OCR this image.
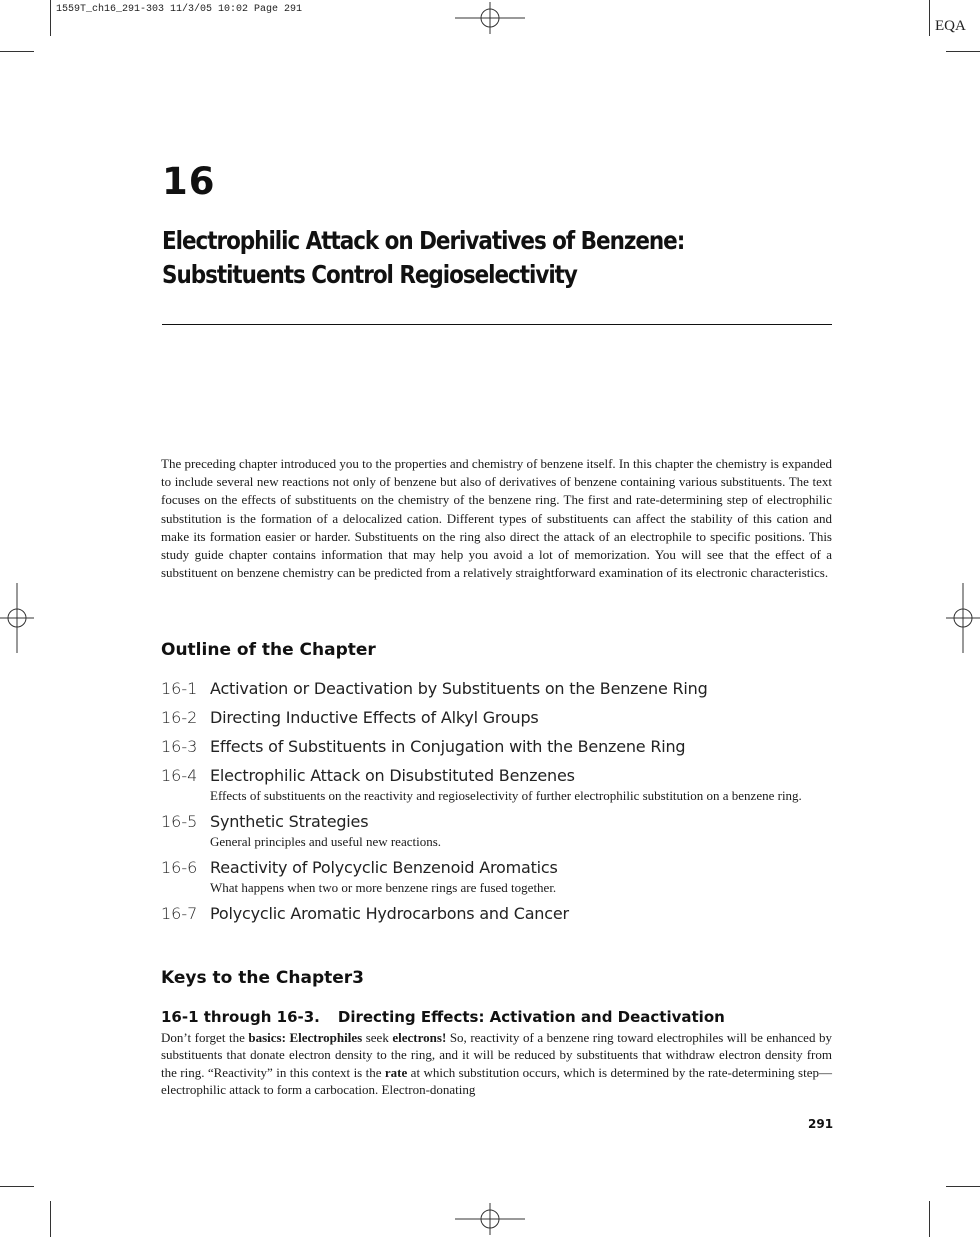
1559T_ch16_291-303 11/3/05 10:02 Page 291
EQA
16
Electrophilic Attack on Derivatives of Benzene:
Substituents Control Regioselectivity
The preceding chapter introduced you to the properties and chemistry of benzene itself. In this chapter the chemistry is expanded to include several new reactions not only of benzene but also of derivatives of benzene containing various substituents. The text focuses on the effects of substituents on the chemistry of the benzene ring. The first and rate-determining step of electrophilic substitution is the formation of a delocalized cation. Different types of substituents can affect the stability of this cation and make its formation easier or harder. Substituents on the ring also direct the attack of an electrophile to specific positions. This study guide chapter contains information that may help you avoid a lot of memorization. You will see that the effect of a substituent on benzene chemistry can be predicted from a relatively straightforward examination of its electronic characteristics.
Outline of the Chapter
16-1 Activation or Deactivation by Substituents on the Benzene Ring
16-2 Directing Inductive Effects of Alkyl Groups
16-3 Effects of Substituents in Conjugation with the Benzene Ring
16-4 Electrophilic Attack on Disubstituted Benzenes
Effects of substituents on the reactivity and regioselectivity of further electrophilic substitution on a benzene ring.
16-5 Synthetic Strategies
General principles and useful new reactions.
16-6 Reactivity of Polycyclic Benzenoid Aromatics
What happens when two or more benzene rings are fused together.
16-7 Polycyclic Aromatic Hydrocarbons and Cancer
Keys to the Chapter3
16-1 through 16-3. Directing Effects: Activation and Deactivation
Don’t forget the basics: Electrophiles seek electrons! So, reactivity of a benzene ring toward electrophiles will be enhanced by substituents that donate electron density to the ring, and it will be reduced by substituents that withdraw electron density from the ring. “Reactivity” in this context is the rate at which substitution occurs, which is determined by the rate-determining step—electrophilic attack to form a carbocation. Electron-donating
291
